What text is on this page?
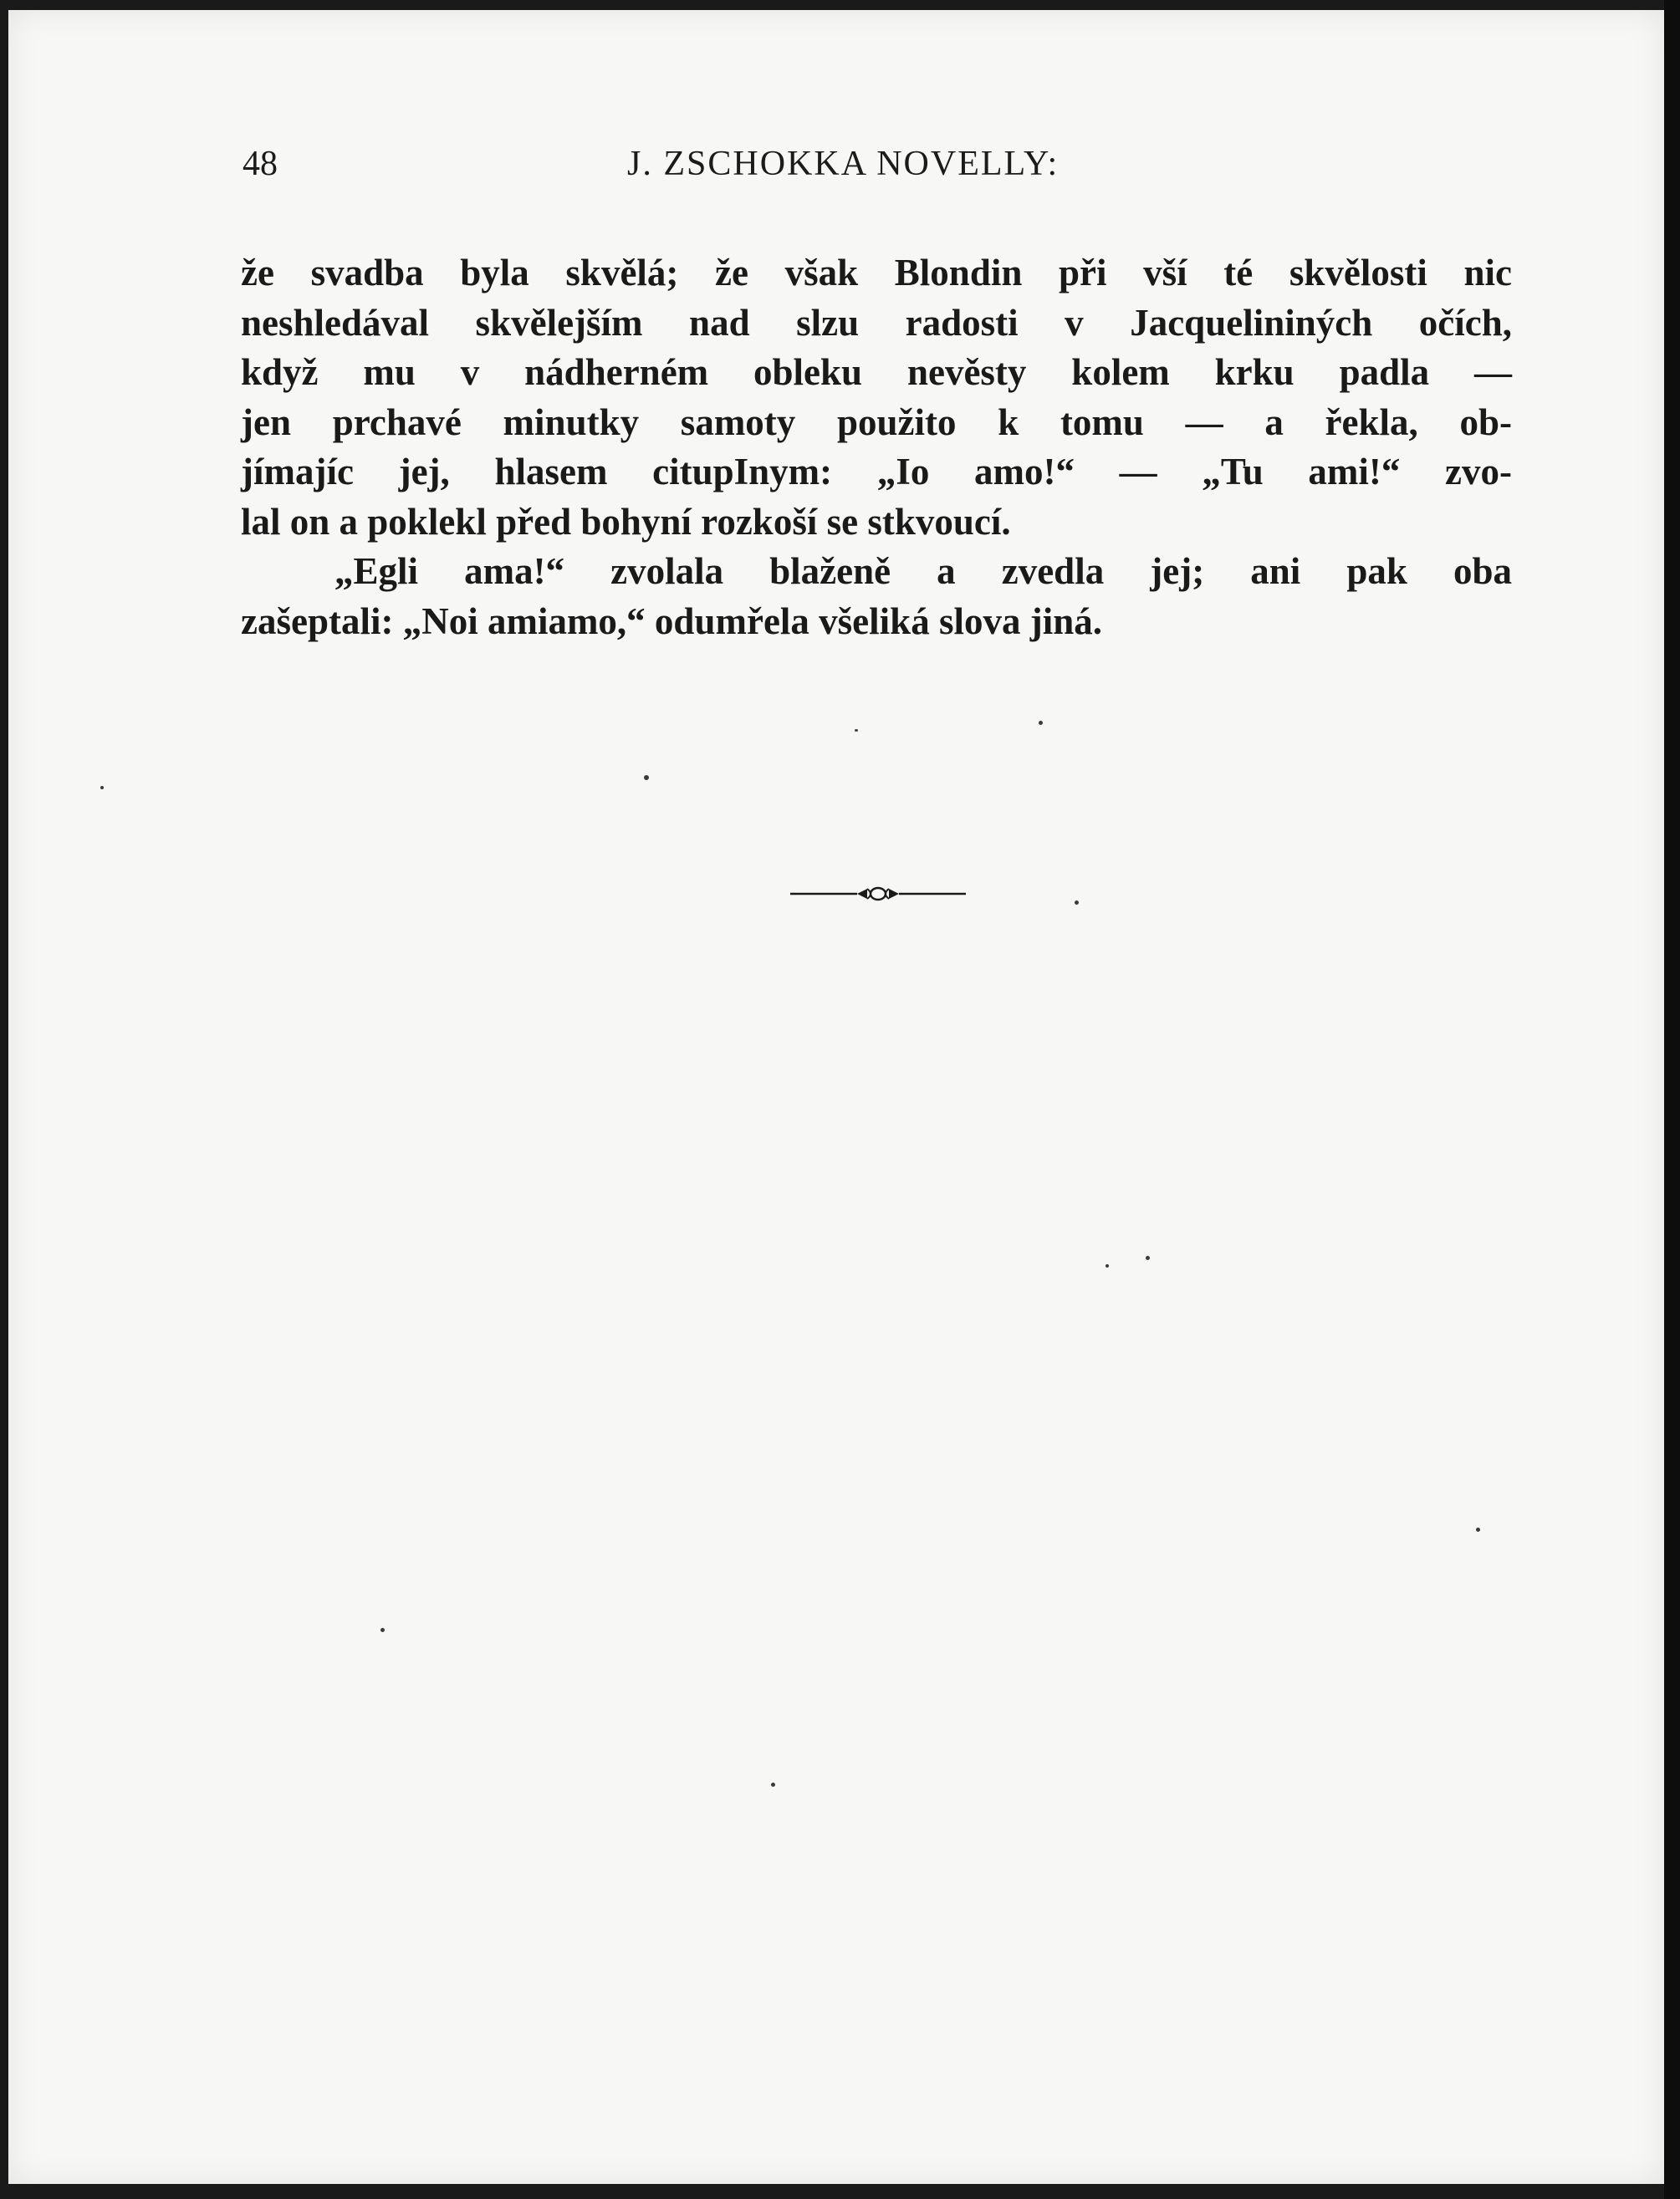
48	J. ZSCHOKKA NOVELLY:

že svadba byla skvělá; že však Blondin při vší té skvělosti nic
neshledával skvělejším nad slzu radosti v Jacquelininých očích,
když mu v nádherném obleku nevěsty kolem krku padla —
jen prchavé minutky samoty použito k tomu — a řekla, ob-
jímajíc jej, hlasem citupInym: „Io amo!“ — „Tu ami!“ zvo-
lal on a poklekl před bohyní rozkoší se stkvoucí.

„Egli ama!“ zvolala blaženě a zvedla jej; ani pak oba
zašeptali: „Noi amiamo,“ odumřela všeliká slova jiná.
